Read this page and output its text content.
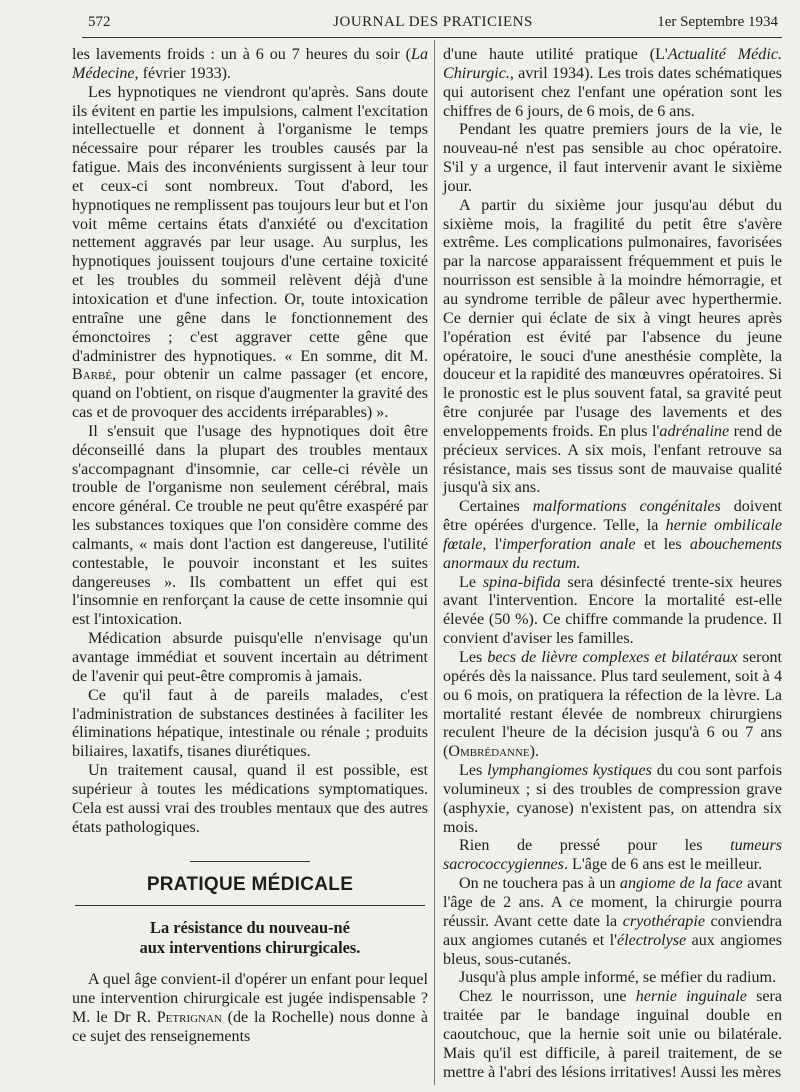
572	JOURNAL DES PRATICIENS	1er Septembre 1934

les lavements froids : un à 6 ou 7 heures du soir (La Médecine, février 1933).

Les hypnotiques ne viendront qu'après. Sans doute ils évitent en partie les impulsions, calment l'excitation intellectuelle et donnent à l'organisme le temps nécessaire pour réparer les troubles causés par la fatigue. Mais des inconvénients surgissent à leur tour et ceux-ci sont nombreux. Tout d'abord, les hypnotiques ne remplissent pas toujours leur but et l'on voit même certains états d'anxiété ou d'excitation nettement aggravés par leur usage. Au surplus, les hypnotiques jouissent toujours d'une certaine toxicité et les troubles du sommeil relèvent déjà d'une intoxication et d'une infection. Or, toute intoxication entraîne une gêne dans le fonctionnement des émonctoires ; c'est aggraver cette gêne que d'administrer des hypnotiques. « En somme, dit M. Barbé, pour obtenir un calme passager (et encore, quand on l'obtient, on risque d'augmenter la gravité des cas et de provoquer des accidents irréparables) ».

Il s'ensuit que l'usage des hypnotiques doit être déconseillé dans la plupart des troubles mentaux s'accompagnant d'insomnie, car celle-ci révèle un trouble de l'organisme non seulement cérébral, mais encore général. Ce trouble ne peut qu'être exaspéré par les substances toxiques que l'on considère comme des calmants, « mais dont l'action est dangereuse, l'utilité contestable, le pouvoir inconstant et les suites dangereuses ». Ils combattent un effet qui est l'insomnie en renforçant la cause de cette insomnie qui est l'intoxication.

Médication absurde puisqu'elle n'envisage qu'un avantage immédiat et souvent incertain au détriment de l'avenir qui peut-être compromis à jamais.

Ce qu'il faut à de pareils malades, c'est l'administration de substances destinées à faciliter les éliminations hépatique, intestinale ou rénale ; produits biliaires, laxatifs, tisanes diurétiques.

Un traitement causal, quand il est possible, est supérieur à toutes les médications symptomatiques. Cela est aussi vrai des troubles mentaux que des autres états pathologiques.

PRATIQUE MÉDICALE
La résistance du nouveau-né
aux interventions chirurgicales.

A quel âge convient-il d'opérer un enfant pour lequel une intervention chirurgicale est jugée indispensable ? M. le Dr R. Petrignan (de la Rochelle) nous donne à ce sujet des renseignements

d'une haute utilité pratique (L'Actualité Médic. Chirurgic., avril 1934). Les trois dates schématiques qui autorisent chez l'enfant une opération sont les chiffres de 6 jours, de 6 mois, de 6 ans.

Pendant les quatre premiers jours de la vie, le nouveau-né n'est pas sensible au choc opératoire. S'il y a urgence, il faut intervenir avant le sixième jour.

A partir du sixième jour jusqu'au début du sixième mois, la fragilité du petit être s'avère extrême. Les complications pulmonaires, favorisées par la narcose apparaissent fréquemment et puis le nourrisson est sensible à la moindre hémorragie, et au syndrome terrible de pâleur avec hyperthermie. Ce dernier qui éclate de six à vingt heures après l'opération est évité par l'absence du jeune opératoire, le souci d'une anesthésie complète, la douceur et la rapidité des manœuvres opératoires. Si le pronostic est le plus souvent fatal, sa gravité peut être conjurée par l'usage des lavements et des enveloppements froids. En plus l'adrénaline rend de précieux services. A six mois, l'enfant retrouve sa résistance, mais ses tissus sont de mauvaise qualité jusqu'à six ans.

Certaines malformations congénitales doivent être opérées d'urgence. Telle, la hernie ombilicale fœtale, l'imperforation anale et les abouchements anormaux du rectum.

Le spina-bifida sera désinfecté trente-six heures avant l'intervention. Encore la mortalité est-elle élevée (50 %). Ce chiffre commande la prudence. Il convient d'aviser les familles.

Les becs de lièvre complexes et bilatéraux seront opérés dès la naissance. Plus tard seulement, soit à 4 ou 6 mois, on pratiquera la réfection de la lèvre. La mortalité restant élevée de nombreux chirurgiens reculent l'heure de la décision jusqu'à 6 ou 7 ans (Ombrédanne).

Les lymphangiomes kystiques du cou sont parfois volumineux ; si des troubles de compression grave (asphyxie, cyanose) n'existent pas, on attendra six mois.

Rien de pressé pour les tumeurs sacrococcygiennes. L'âge de 6 ans est le meilleur.

On ne touchera pas à un angiome de la face avant l'âge de 2 ans. A ce moment, la chirurgie pourra réussir. Avant cette date la cryothérapie conviendra aux angiomes cutanés et l'électrolyse aux angiomes bleus, sous-cutanés.

Jusqu'à plus ample informé, se méfier du radium.

Chez le nourrisson, une hernie inguinale sera traitée par le bandage inguinal double en caoutchouc, que la hernie soit unie ou bilatérale. Mais qu'il est difficile, à pareil traitement, de se mettre à l'abri des lésions irritatives! Aussi les mères
